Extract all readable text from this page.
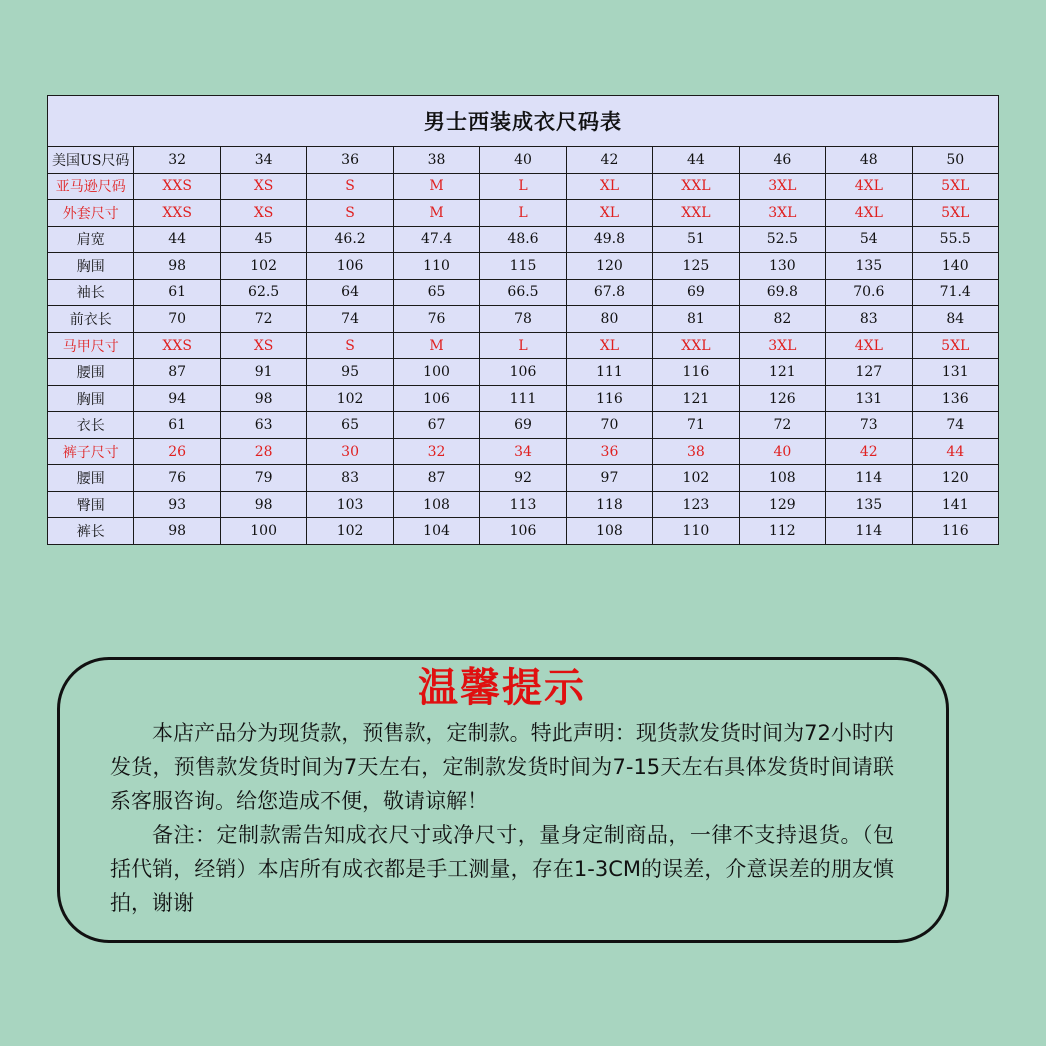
男士西装成衣尺码表										
美国US尺码	32	34	36	38	40	42	44	46	48	50
亚马逊尺码	XXS	XS	S	M	L	XL	XXL	3XL	4XL	5XL
外套尺寸	XXS	XS	S	M	L	XL	XXL	3XL	4XL	5XL
肩宽	44	45	46.2	47.4	48.6	49.8	51	52.5	54	55.5
胸围	98	102	106	110	115	120	125	130	135	140
袖长	61	62.5	64	65	66.5	67.8	69	69.8	70.6	71.4
前衣长	70	72	74	76	78	80	81	82	83	84
马甲尺寸	XXS	XS	S	M	L	XL	XXL	3XL	4XL	5XL
腰围	87	91	95	100	106	111	116	121	127	131
胸围	94	98	102	106	111	116	121	126	131	136
衣长	61	63	65	67	69	70	71	72	73	74
裤子尺寸	26	28	30	32	34	36	38	40	42	44
腰围	76	79	83	87	92	97	102	108	114	120
臀围	93	98	103	108	113	118	123	129	135	141
裤长	98	100	102	104	106	108	110	112	114	116
温馨提示

本店产品分为现货款，预售款，定制款。特此声明：现货款发货时间为72小时内发货，预售款发货时间为7天左右，定制款发货时间为7-15天左右具体发货时间请联系客服咨询。给您造成不便，敬请谅解！

备注：定制款需告知成衣尺寸或净尺寸，量身定制商品，一律不支持退货。（包括代销，经销）本店所有成衣都是手工测量，存在1-3CM的误差，介意误差的朋友慎拍，谢谢
